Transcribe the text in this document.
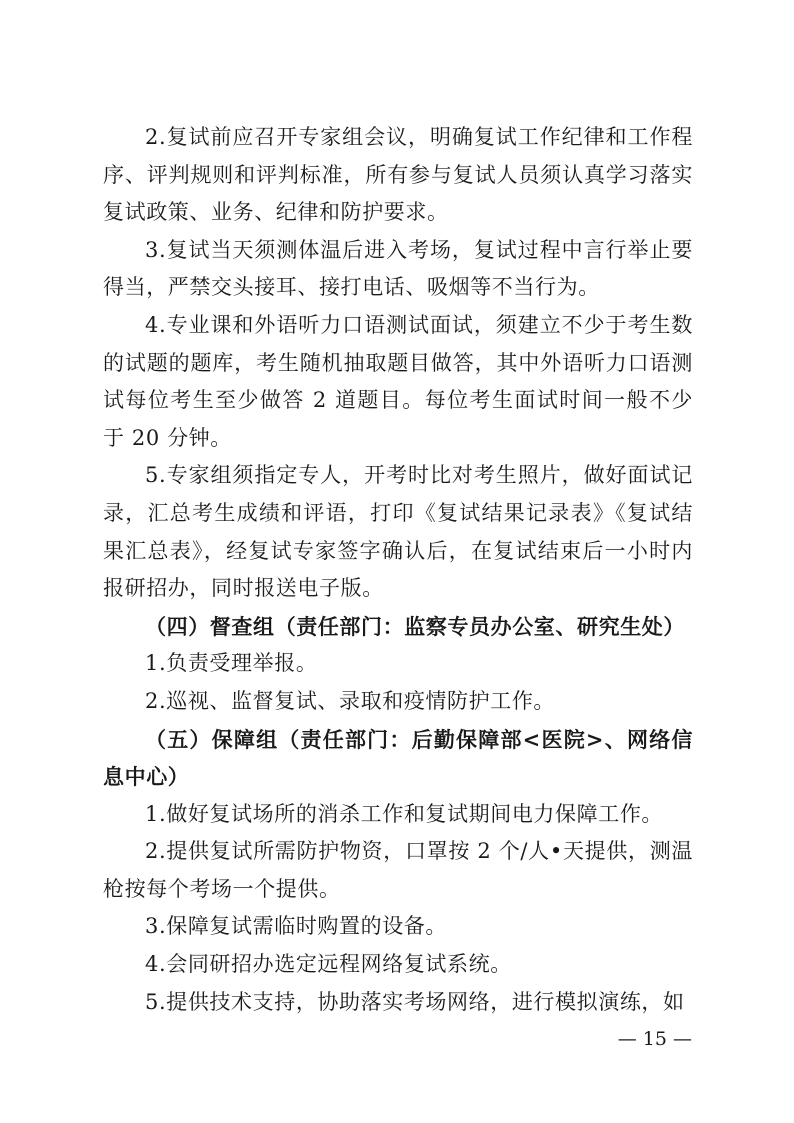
2.复试前应召开专家组会议，明确复试工作纪律和工作程序、评判规则和评判标准，所有参与复试人员须认真学习落实复试政策、业务、纪律和防护要求。

3.复试当天须测体温后进入考场，复试过程中言行举止要得当，严禁交头接耳、接打电话、吸烟等不当行为。

4.专业课和外语听力口语测试面试，须建立不少于考生数的试题的题库，考生随机抽取题目做答，其中外语听力口语测试每位考生至少做答 2 道题目。每位考生面试时间一般不少于 20 分钟。

5.专家组须指定专人，开考时比对考生照片，做好面试记录，汇总考生成绩和评语，打印《复试结果记录表》《复试结果汇总表》，经复试专家签字确认后，在复试结束后一小时内报研招办，同时报送电子版。

（四）督查组（责任部门：监察专员办公室、研究生处）

1.负责受理举报。

2.巡视、监督复试、录取和疫情防护工作。

（五）保障组（责任部门：后勤保障部<医院>、网络信息中心）

1.做好复试场所的消杀工作和复试期间电力保障工作。

2.提供复试所需防护物资，口罩按 2 个/人•天提供，测温枪按每个考场一个提供。

3.保障复试需临时购置的设备。

4.会同研招办选定远程网络复试系统。

5.提供技术支持，协助落实考场网络，进行模拟演练，如

— 15 —
